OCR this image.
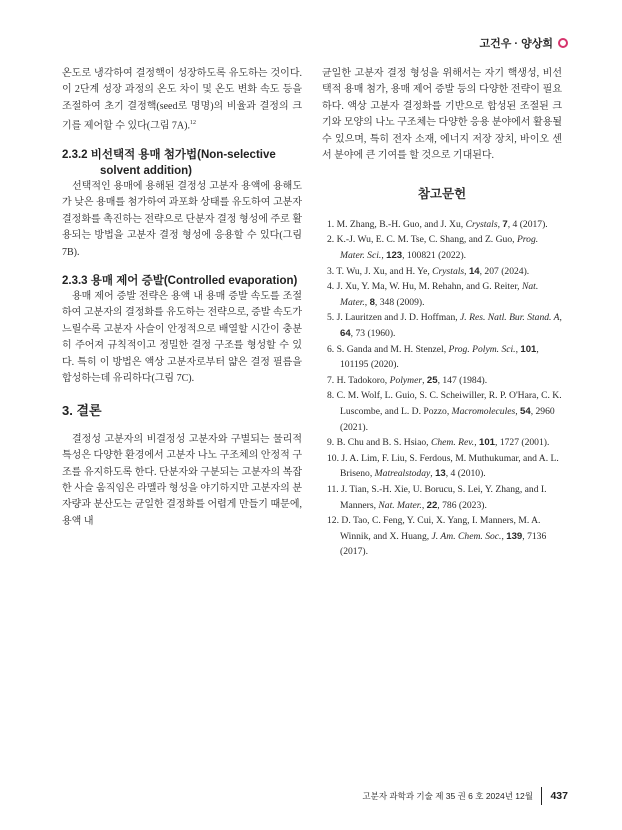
고건우 · 양상희

온도로 냉각하여 결정핵이 성장하도록 유도하는 것이다. 이 2단계 성장 과정의 온도 차이 및 온도 변화 속도 등을 조절하여 초기 결정핵(seed로 명명)의 비율과 결정의 크기를 제어할 수 있다(그림 7A).$^{12}$

2.3.2 비선택적 용매 첨가법(Non-selective solvent addition)

선택적인 용매에 용해된 결정성 고분자 용액에 용해도가 낮은 용매를 첨가하여 과포화 상태를 유도하여 고분자 결정화를 촉진하는 전략으로 단분자 결정 형성에 주로 활용되는 방법을 고분자 결정 형성에 응용할 수 있다(그림 7B).

2.3.3 용매 제어 증발(Controlled evaporation)

용매 제어 증발 전략은 용액 내 용매 증발 속도를 조절하여 고분자의 결정화를 유도하는 전략으로, 증발 속도가 느릴수록 고분자 사슬이 안정적으로 배열할 시간이 충분히 주어져 규칙적이고 정밀한 결정 구조를 형성할 수 있다. 특히 이 방법은 액상 고분자로부터 얇은 결정 필름을 합성하는데 유리하다(그림 7C).

3. 결론

결정성 고분자의 비결정성 고분자와 구별되는 물리적 특성은 다양한 환경에서 고분자 나노 구조체의 안정적 구조를 유지하도록 한다. 단분자와 구분되는 고분자의 복잡한 사슬 움직임은 라멜라 형성을 야기하지만 고분자의 분자량과 분산도는 균일한 결정화를 어렵게 만들기 때문에, 용액 내

균일한 고분자 결정 형성을 위해서는 자기 핵생성, 비선택적 용매 첨가, 용매 제어 증발 등의 다양한 전략이 필요하다. 액상 고분자 결정화를 기반으로 합성된 조절된 크기와 모양의 나노 구조체는 다양한 응용 분야에서 활용될 수 있으며, 특히 전자 소재, 에너지 저장 장치, 바이오 센서 분야에 큰 기여를 할 것으로 기대된다.

참고문헌
1. M. Zhang, B.-H. Guo, and J. Xu, Crystals, 7, 4 (2017).
2. K.-J. Wu, E. C. M. Tse, C. Shang, and Z. Guo, Prog. Mater. Sci., 123, 100821 (2022).
3. T. Wu, J. Xu, and H. Ye, Crystals, 14, 207 (2024).
4. J. Xu, Y. Ma, W. Hu, M. Rehahn, and G. Reiter, Nat. Mater., 8, 348 (2009).
5. J. Lauritzen and J. D. Hoffman, J. Res. Natl. Bur. Stand. A, 64, 73 (1960).
6. S. Ganda and M. H. Stenzel, Prog. Polym. Sci., 101, 101195 (2020).
7. H. Tadokoro, Polymer, 25, 147 (1984).
8. C. M. Wolf, L. Guio, S. C. Scheiwiller, R. P. O'Hara, C. K. Luscombe, and L. D. Pozzo, Macromolecules, 54, 2960 (2021).
9. B. Chu and B. S. Hsiao, Chem. Rev., 101, 1727 (2001).
10. J. A. Lim, F. Liu, S. Ferdous, M. Muthukumar, and A. L. Briseno, Matrealstoday, 13, 4 (2010).
11. J. Tian, S.-H. Xie, U. Borucu, S. Lei, Y. Zhang, and I. Manners, Nat. Mater., 22, 786 (2023).
12. D. Tao, C. Feng, Y. Cui, X. Yang, I. Manners, M. A. Winnik, and X. Huang, J. Am. Chem. Soc., 139, 7136 (2017).
고분자 과학과 기술 제 35 권 6 호 2024년 12월 437
